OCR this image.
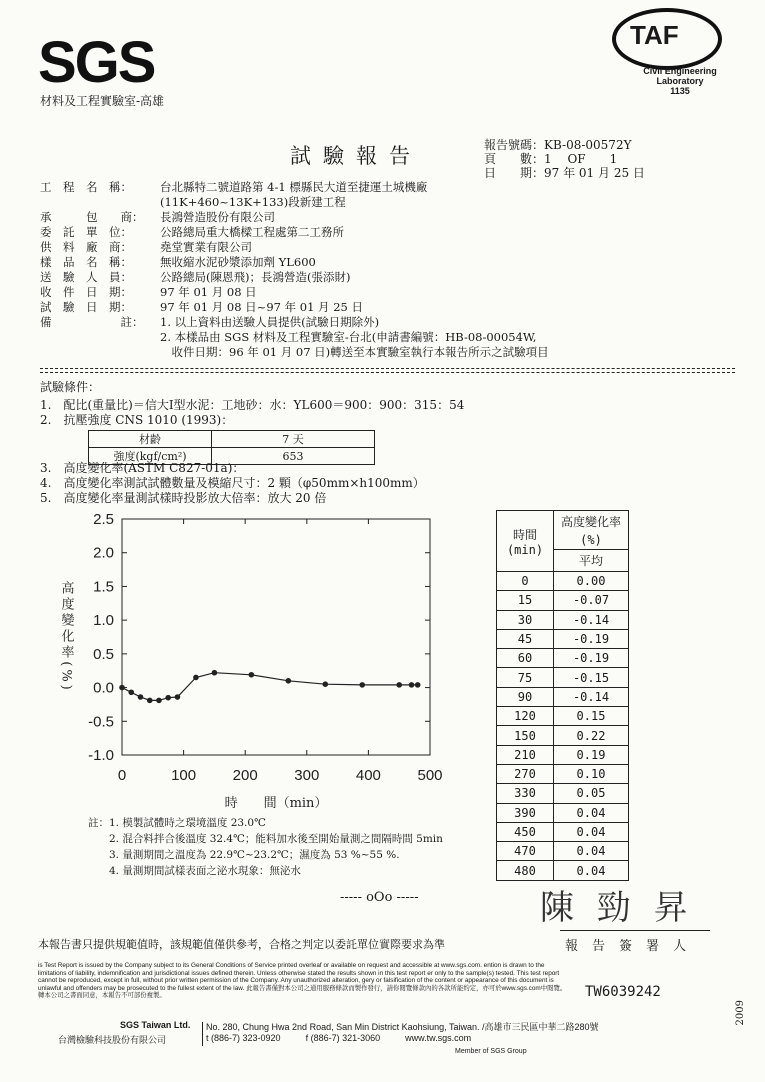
SGS
材料及工程實驗室-高雄
TAF
Civil Engineering
Laboratory
1135
試驗報告	報告號碼：KB-08-00572Y
頁　　數：1　 OF　　1
日　　期：97 年 01 月 25 日
工　程　名　稱： 台北縣特二號道路第 4-1 標縣民大道至捷運土城機廠
(11K+460~13K+133)段新建工程
承　　　包　　商： 長鴻營造股份有限公司
委　託　單　位： 公路總局重大橋樑工程處第二工務所
供　料　廠　商： 堯堂實業有限公司
樣　品　名　稱： 無收縮水泥砂漿添加劑 YL600
送　驗　人　員： 公路總局(陳恩飛)；長鴻營造(張添財)
收　件　日　期： 97 年 01 月 08 日
試　驗　日　期： 97 年 01 月 08 日~97 年 01 月 25 日
備　　　　　　註： 1. 以上資料由送驗人員提供(試驗日期除外)
2. 本樣品由 SGS 材料及工程實驗室-台北(申請書編號：HB-08-00054W,
　收件日期：96 年 01 月 07 日)轉送至本實驗室執行本報告所示之試驗項目
試驗條件：
1.　配比(重量比)＝信大Ⅰ型水泥：工地砂：水：YL600＝900：900：315：54
2.　抗壓強度 CNS 1010 (1993)：
材齡	7 天
強度(kgf/cm²)	653
3.　高度變化率(ASTM C827-01a)：
4.　高度變化率測試試體數量及模縮尺寸：2 顆（φ50mm×h100mm）
5.　高度變化率量測試樣時投影放大倍率：放大 20 倍
2.5
2.0
1.5
1.0
0.5
0.0
-0.5
-1.0
0	100 200 300 400 500
時　　間（min）
高度變化率(%)
時間
(min)	高度變化率
	(%)
	平均
0	0.00
15	-0.07
30	-0.14
45	-0.19
60	-0.19
75	-0.15
90	-0.14
120	0.15
150	0.22
210	0.19
270	0.10
330	0.05
390	0.04
450	0.04
470	0.04
480	0.04
註：1. 模製試體時之環境溫度 23.0℃
　　2. 混合料拌合後溫度 32.4℃；能料加水後至開始量測之間隔時間 5min
　　3. 量測期間之溫度為 22.9℃~23.2℃；濕度為 53 %~55 %.
　　4. 量測期間試樣表面之泌水現象：無泌水
----- oOo -----	陳 勁 昇
本報告書只提供規範值時，該規範值僅供參考，合格之判定以委託單位實際要求為準	報告簽署人
is Test Report is issued by the Company subject to its General Conditions of Service printed overleaf or available on request and accessible at www.sgs.com. ention is drawn to the limitations of liability, indemnification and jurisdictional issues defined therein. Unless otherwise stated the results shown in this test report er only to the sample(s) tested. This test report cannot be reproduced, except in full, without prior written permission of the Company. Any unauthorized alteration, gery or falsification of the content or appearance of this document is unlawful and offenders may be prosecuted to the fullest extent of the law. 此報告書僅對本公司之通用服務條款而製作發行，請你閱覽條款內的各款所能約定，亦可於www.sgs.com中閱覽。轉本公司之書面同意，本報告不可部份複製。	TW6039242
2009
SGS Taiwan Ltd.
台灣檢驗科技股份有限公司
No. 280, Chung Hwa 2nd Road, San Min District Kaohsiung, Taiwan. /高雄市三民區中華二路280號
t (886-7) 323-0920	f (886-7) 321-3060	www.tw.sgs.com
Member of SGS Group
